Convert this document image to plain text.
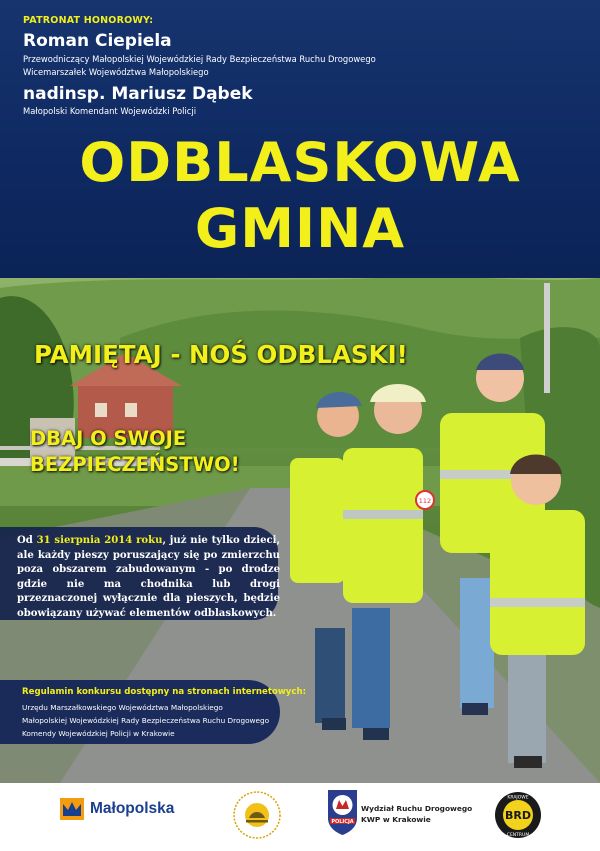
PATRONAT HONOROWY:
Roman Ciepiela
Przewodniczący Małopolskiej Wojewódzkiej Rady Bezpieczeństwa Ruchu Drogowego
Wicemarszałek Województwa Małopolskiego
nadinsp. Mariusz Dąbek
Małopolski Komendant Wojewódzki Policji
ODBLASKOWA
GMINA
112
PAMIĘTAJ - NOŚ ODBLASKI!
DBAJ O SWOJE
BEZPIECZEŃSTWO!
Od 31 sierpnia 2014 roku, już nie tylko dzieci, ale każdy pieszy poruszający się po zmierzchu poza obszarem zabudowanym - po drodze gdzie nie ma chodnika lub drogi przeznaczonej wyłącznie dla pieszych, będzie obowiązany używać elementów odblaskowych.
Regulamin konkursu dostępny na stronach internetowych:
Urzędu Marszałkowskiego Województwa Małopolskiego
Małopolskiej Wojewódzkiej Rady Bezpieczeństwa Ruchu Drogowego
Komendy Wojewódzkiej Policji w Krakowie
Małopolska
POLICJA
Wydział Ruchu Drogowego
KWP w Krakowie	BRD
KRAJOWE
CENTRUM
